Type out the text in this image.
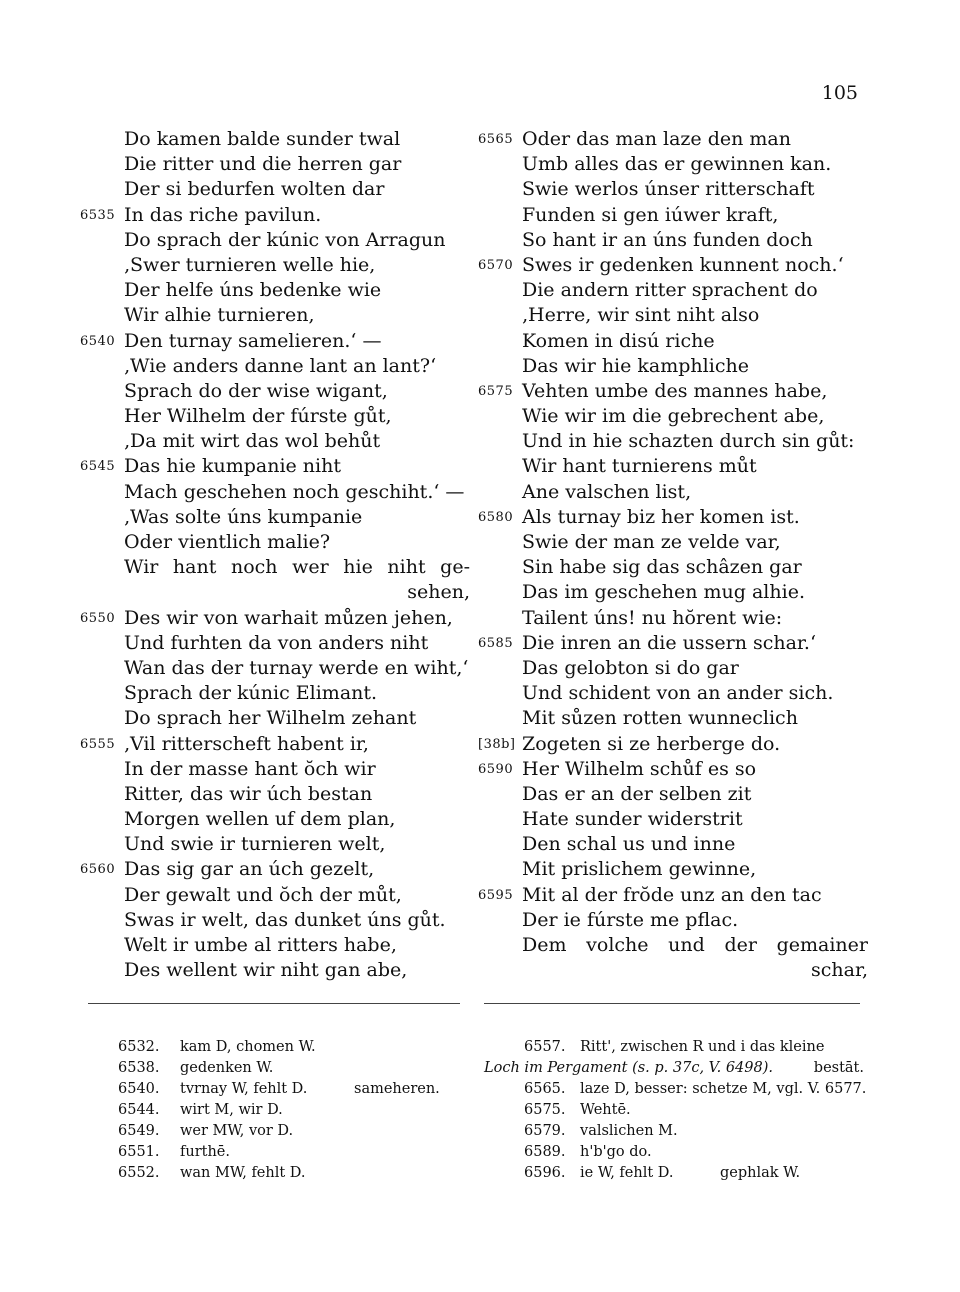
105
Do kamen balde sunder twal
Die ritter und die herren gar
Der si bedurfen wolten dar
6535 In das riche pavilun.
Do sprach der kúnic von Arragun
‚Swer turnieren welle hie,
Der helfe úns bedenke wie
Wir alhie turnieren,
6540 Den turnay sameliеren.‘ —
‚Wie anders danne lant an lant?‘
Sprach do der wise wigant,
Her Wilhelm der fúrste gůt,
‚Da mit wirt das wol behůt
6545 Das hie kumpanie niht
Mach geschehen noch geschiht.‘ —
‚Was solte úns kumpanie
Oder vientlich malie?
Wir hant noch wer hie niht ge-
sehen,
6550 Des wir von warhait můzen jehen,
Und furhten da von anders niht
Wan das der turnay werde en wiht,‘
Sprach der kúnic Elimant.
Do sprach her Wilhelm zehant
6555 ‚Vil ritterscheft habent ir,
In der masse hant ŏch wir
Ritter, das wir úch bestan
Morgen wellen uf dem plan,
Und swie ir turnieren welt,
6560 Das sig gar an úch gezelt,
Der gewalt und ŏch der můt,
Swas ir welt, das dunket úns gůt.
Welt ir umbe al ritters habe,
Des wellent wir niht gan abe,
6565 Oder das man laze den man
Umb alles das er gewinnen kan.
Swie werlos únser ritterschaft
Funden si gen iúwer kraft,
So hant ir an úns funden doch
6570 Swes ir gedenken kunnent noch.‘
Die andern ritter sprachent do
‚Herre, wir sint niht also
Komen in disú riche
Das wir hie kamphliche
6575 Vehten umbe des mannes habe,
Wie wir im die gebrechent abe,
Und in hie schazten durch sin gůt:
Wir hant turnierens můt
Ane valschen list,
6580 Als turnay biz her komen ist.
Swie der man ze velde var,
Sin habe sig das schâzen gar
Das im geschehen mug alhie.
Tailent úns! nu hŏrent wie:
6585 Die inren an die ussern schar.‘
Das gelobton si do gar
Und schident von an ander sich.
Mit sůzen rotten wunneclich
[38b] Zogeten si ze herberge do.
6590 Her Wilhelm schůf es so
Das er an der selben zit
Hate sunder widerstrit
Den schal us und inne
Mit prislichem gewinne,
6595 Mit al der frŏde unz an den tac
Der ie fúrste me pflac.
Dem volche und der gemainer
schar,
6532.	kam D, chomen W.
6538.	gedenken W.
6540.	tvrnay W, fehlt D.	sameheren.
6544.	wirt M, wir D.
6549.	wer MW, vor D.
6551.	furthē.
6552.	wan MW, fehlt D.
6557. Ritt', zwischen R und i das kleine
Loch im Pergament (s. p. 37c, V. 6498).	bestāt.
6565. laze D, besser: schetze M, vgl. V. 6577.
6575. Wehtē.
6579. valslichen M.
6589. h'b'go do.
6596. ie W, fehlt D.	gephlak W.
